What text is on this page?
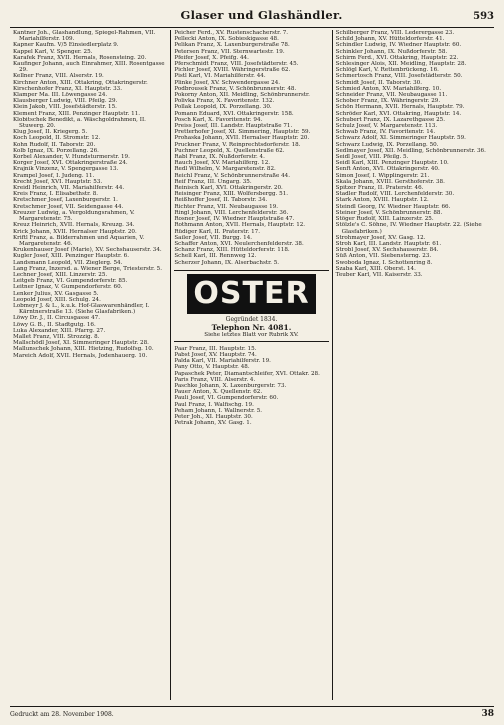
Glaser und Glashändler.	593

Kantner Joh., Glashandlung, Spiegel-Rahmen, VII. Mariahilferstr. 109.

Kapner Kaufm. V/5 Einsiedlerplatz 9.

Kappel Karl, V. Spenger. 25.

Karafek Franz, XVII. Hernals, Rosensteing. 20.

Kaufinger Johann, auch Einrahmer, XIII. Rosentgasse 29.

Kellner Franz, VIII. Alserstr. 19.

Kirchner Anton, XIII. Ottakring, Ottakringerstr.

Kirschenhofer Franz, XI. Hauptstr. 33.

Klamper Ma. III. Löwengasse 24.

Klausberger Ludwig, VIII. Pfeilg. 29.

Klein Jakob, VIII. Josefstädterstr. 15.

Klement Franz, XIII. Penzinger Hauptstr. 11.

Klobitschek Benedikt, a. Wäschgoldrahmen, II. Stuwerg. 20.

Klug Josef, II. Kriegerg. 5.

Koch Leopold, II. Stromstr. 12.

Kohn Rudolf, II. Taborstr. 20.

Kolb Ignaz, IX. Porzellang. 26.

Korbel Alexander, V. Hundsturmerstr. 19.

Korger Josef, XVI. Ottakringerstraße 24.

Krajnik Vinzenz, V. Spengergasse 13.

Krampel Josef, I. Judeng. 11.

Krecht Josef, XVI. Hauptstr. 53.

Kreidl Heinrich, VII. Mariahilferstr. 44.

Kreis Franz, I. Elisabethstr. 8.

Kretschmer Josef, Laxenburgerstr. 1.

Kretschmer Josef, VII. Seidengasse 44.

Kreuzer Ludwig, a. Vergoldungsrahmen, V. Margaretenstr. 75.

Kreuz Heinrich, XVII. Hernals, Kreuzg. 34.

Krick Johann, XVII. Hernalser Hauptstr. 20.

Kriftl Franz, a. Bilderrahmen und Aquarien, V. Margaretenstr. 46.

Krukenhauser Josef (Marie), XV. Sechshauserstr. 34.

Kugler Josef, XIII. Penzinger Hauptstr. 6.

Landsmann Leopold, VII. Zieglerg. 54.

Lang Franz, Inzersd. a. Wiener Berge, Triesterstr. 5.

Lechner Josef, XIII. Linzerstr. 25.

Leitgeb Franz, VI. Gumpendorferstr. 85.

Leitner Ignaz, V. Gumpendorferstr. 60.

Lenker Julius, XV. Gasgasse 5.

Leopold Josef, XIII. Schulg. 24.

Lobmeyr J. & L., k.u.k. Hof-Glaswarenhändler, I. Kärntnerstraße 13. (Siehe Glasfabriken.)

Löwy Dr. J., II. Circusgasse 47.

Löwy G. B., II. Stadtgutg. 16.

Luka Alexander, XIII. Pfarrg. 27.

Mallet Franz, VIII. Strozzig. 8.

Mallschödl Josef, XI. Simmeringer Hauptstr. 28.

Mallunschek Johann, XIII. Hietzing, Rudolfsg. 10.

Mareich Adolf, XVII. Hernals, Jodenhauerg. 10.

Peicher Ferd., XV. Rustenschacherstr. 7.

Pellecki Anton, IX. Sobieskigasse 48.

Pelikan Franz, X. Laxenburgerstraße 78.

Petersen Franz, VII. Sternwartestr. 19.

Pfeifer Josef, X. Pfeifg. 44.

Pferschmidt Franz, VIII. Josefstädterstr. 45.

Pichler Josef, XVIII. Währingerstraße 62.

Pistl Karl, VI. Mariahilferstr. 44.

Plinke Josef, XV. Schwendergasse 24.

Podbrousek Franz, V. Schönbrunnerstr. 48.

Pokorny Anton, XII. Meidling, Schönbrunnerstr.

Polivka Franz, X. Favoritenstr. 132.

Pollak Leopold, IX. Porzellang. 30.

Pomann Eduard, XVI. Ottakringerstr. 158.

Posch Karl, X. Favoritenstr. 94.

Preiss Josef, III. Landstr. Hauptstraße 71.

Pretterhofer Josef, XI. Simmering, Hauptstr. 59.

Prohaska Johann, XVII. Hernalser Hauptstr. 20.

Pruckner Franz, V. Reinprechtsdorferstr. 18.

Puchner Leopold, X. Quellenstraße 62.

Rabl Franz, IX. Nußdorferstr. 4.

Rauch Josef, XV. Mariahilferg. 12.

Redl Wilhelm, V. Margaretenstr. 82.

Reichl Franz, V. Schönbrunnerstraße 44.

Reif Franz, III. Ungarg. 35.

Reinisch Karl, XVI. Ottakringerstr. 20.

Reisinger Franz, XIII. Wolfersbergg. 51.

Reißhoffer Josef, II. Taborstr. 34.

Richter Franz, VII. Neubaugasse 19.

Ringl Johann, VIII. Lerchenfelderstr. 36.

Rosner Josef, IV. Wiedner Hauptstraße 47.

Rothmann Anton, XVII. Hernals, Hauptstr. 12.

Rüdiger Karl, II. Praterstr. 17.

Sailer Josef, VII. Burgg. 14.

Schaffer Anton, XVI. Neulerchenfelderstr. 38.

Schanz Franz, XIII. Hütteldorferstr. 118.

Schell Karl, III. Rennweg 12.

Scherzer Johann, IX. Alserbachstr. 5.

OSTER
Gegründet 1834.
Telephon Nr. 4081.
Siehe letztes Blatt vor Rubrik XV.

Paar Franz, III. Hauptstr. 15.

Pabst Josef, XV. Hauptstr. 74.

Palda Karl, VII. Mariahilferstr. 19.

Pany Otto, V. Hauptstr. 48.

Papaschek Peter, Diamantschleifer, XVI. Ottakr. 28.

Paris Franz, VIII. Alserstr. 4.

Paschke Johann, X. Laxenburgerstr. 73.

Pauer Anton, X. Quellenstr. 62.

Pauli Josef, VI. Gumpendorferstr. 60.

Paul Franz, I. Walfischg. 19.

Peham Johann, I. Wallnerstr. 5.

Peter Joh., XI. Hauptstr. 30.

Petrak Johann, XV. Gasg. 1.

Schilberger Franz, VIII. Lederergasse 23.

Schild Johann, XV. Hütteldorferstr. 41.

Schindler Ludwig, IV. Wiedner Hauptstr. 60.

Schinkler Johann, IX. Nußdorferstr. 58.

Schirm Ferd., XVI. Ottakring, Hauptstr. 22.

Schlesinger Alois, XII. Meidling, Hauptstr. 28.

Schlögl Karl, V. Rettenbrückeng. 16.

Schmertosch Franz, VIII. Josefstädterstr. 50.

Schmidt Josef, II. Taborstr. 30.

Schmied Anton, XV. Mariahilferg. 10.

Schneider Franz, VII. Neubaugasse 11.

Schober Franz, IX. Währingerstr. 29.

Schön Hermann, XVII. Hernals, Hauptstr. 79.

Schröder Karl, XVI. Ottakring, Hauptstr. 14.

Schubert Franz, IX. Lazarethgasse 25.

Schulz Josef, V. Margaretenstr. 113.

Schwab Franz, IV. Favoritenstr. 14.

Schwarz Adolf, XI. Simmeringer Hauptstr. 59.

Schwarz Ludwig, IX. Porzellang. 50.

Sedlmayer Josef, XII. Meidling, Schönbrunnerstr. 36.

Seidl Josef, VIII. Pfeilg. 5.

Seidl Karl, XIII. Penzinger Hauptstr. 10.

Senft Anton, XVI. Ottakringerstr. 40.

Simon Josef, I. Wipplingerstr. 21.

Skala Johann, XVIII. Gersthoferstr. 38.

Spitzer Franz, II. Praterstr. 46.

Stadler Rudolf, VIII. Lerchenfelderstr. 30.

Stark Anton, XVIII. Hauptstr. 12.

Steindl Georg, IV. Wiedner Hauptstr. 66.

Steiner Josef, V. Schönbrunnerstr. 88.

Stöger Rudolf, XIII. Lainzerstr. 25.

Stölzle's C. Söhne, IV. Wiedner Hauptstr. 22. (Siehe Glasfabriken.)

Strohmayer Josef, XV. Gasg. 12.

Stroh Karl, III. Landstr. Hauptstr. 61.

Strobl Josef, XV. Sechshauserstr. 84.

Süß Anton, VII. Siebensterng. 23.

Swoboda Ignaz, I. Schottenring 8.

Szaba Karl, XIII. Oberst. 14.

Teuber Karl, VII. Kaiserstr. 33.

Gedruckt am 28. November 1908.	38
